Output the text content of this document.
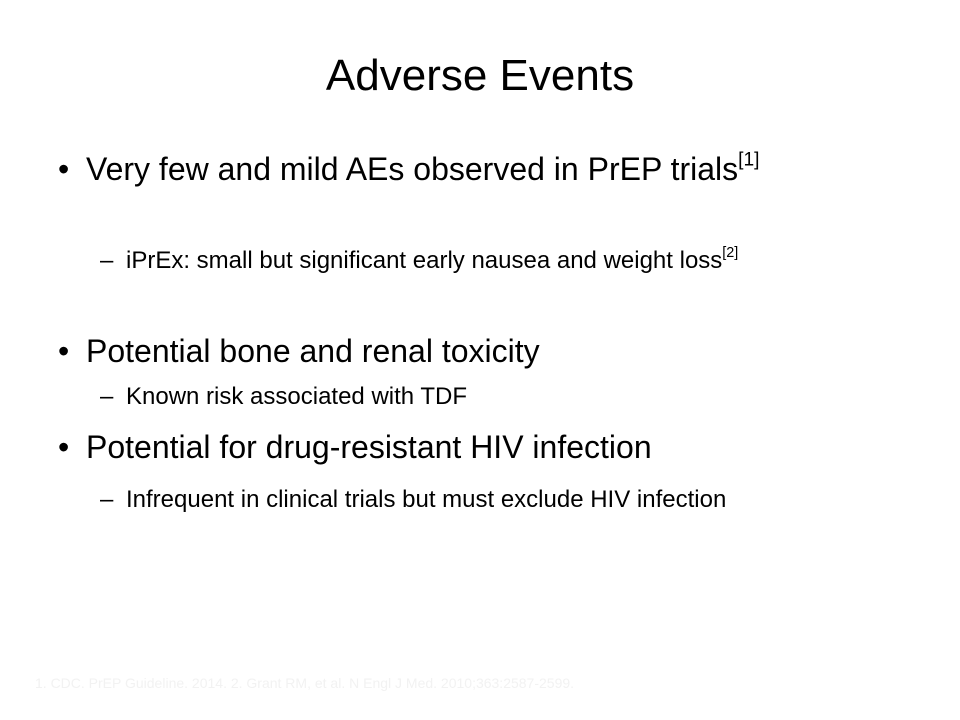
Adverse Events
• Very few and mild AEs observed in PrEP trials[1]
– iPrEx: small but significant early nausea and weight loss[2]
• Potential bone and renal toxicity
– Known risk associated with TDF
• Potential for drug-resistant HIV infection
– Infrequent in clinical trials but must exclude HIV infection
1. CDC. PrEP Guideline. 2014. 2. Grant RM, et al. N Engl J Med. 2010;363:2587-2599.
